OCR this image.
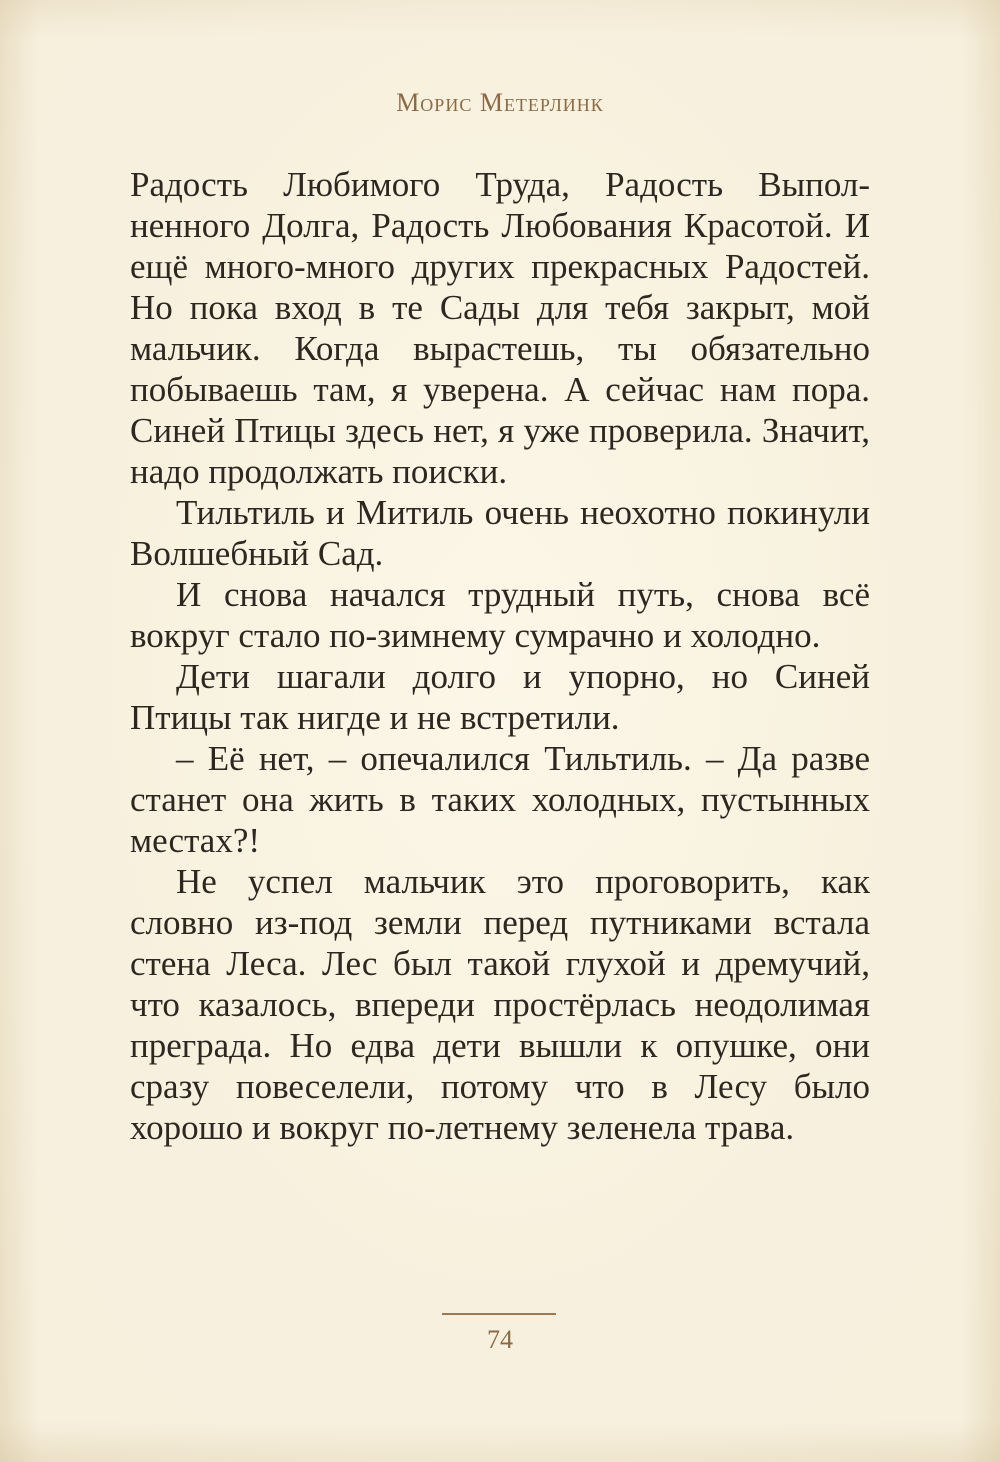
Морис Метерлинк

Радость Любимого Труда, Радость Выполненного Долга, Радость Любования Красотой. И ещё много-много других прекрасных Радостей. Но пока вход в те Сады для тебя закрыт, мой мальчик. Когда вырастешь, ты обязательно побываешь там, я уверена. А сейчас нам пора. Синей Птицы здесь нет, я уже проверила. Значит, надо продолжать поиски.

Тильтиль и Митиль очень неохотно покинули Волшебный Сад.

И снова начался трудный путь, снова всё вокруг стало по-зимнему сумрачно и холодно.

Дети шагали долго и упорно, но Синей Птицы так нигде и не встретили.

– Её нет, – опечалился Тильтиль. – Да разве станет она жить в таких холодных, пустынных местах?!

Не успел мальчик это проговорить, как словно из-под земли перед путниками встала стена Леса. Лес был такой глухой и дремучий, что казалось, впереди простёрлась неодолимая преграда. Но едва дети вышли к опушке, они сразу повеселели, потому что в Лесу было хорошо и вокруг по-летнему зеленела трава.

74
